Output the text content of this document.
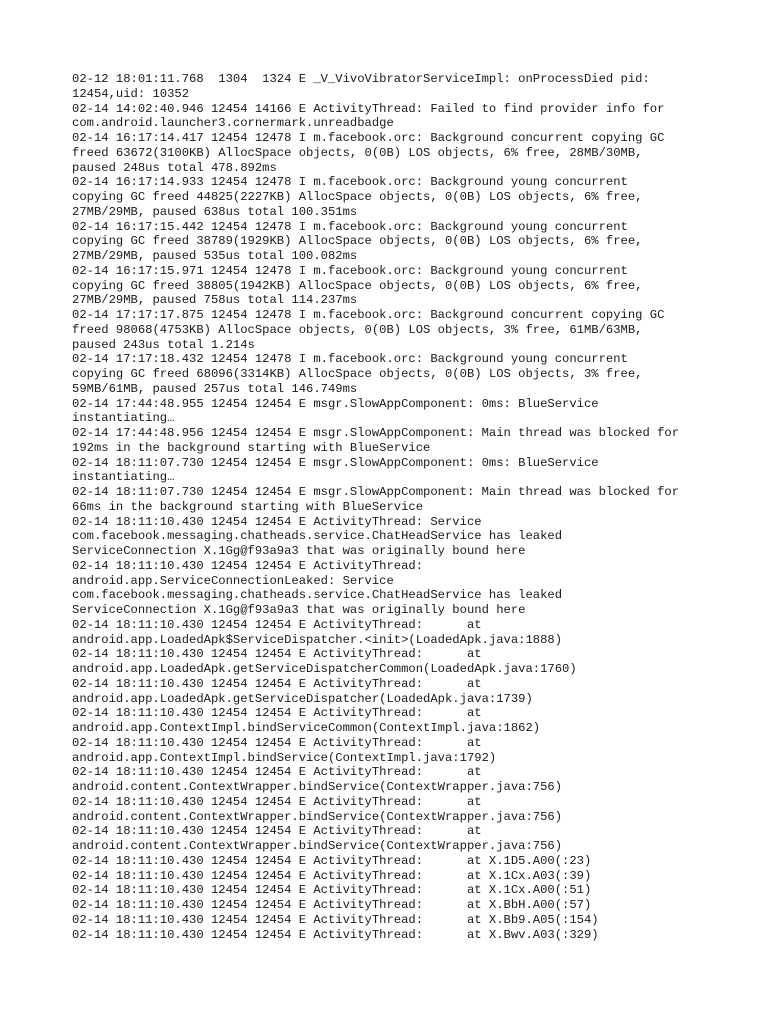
02-12 18:01:11.768  1304  1324 E _V_VivoVibratorServiceImpl: onProcessDied pid:
12454,uid: 10352
02-14 14:02:40.946 12454 14166 E ActivityThread: Failed to find provider info for
com.android.launcher3.cornermark.unreadbadge
02-14 16:17:14.417 12454 12478 I m.facebook.orc: Background concurrent copying GC
freed 63672(3100KB) AllocSpace objects, 0(0B) LOS objects, 6% free, 28MB/30MB,
paused 248us total 478.892ms
02-14 16:17:14.933 12454 12478 I m.facebook.orc: Background young concurrent
copying GC freed 44825(2227KB) AllocSpace objects, 0(0B) LOS objects, 6% free,
27MB/29MB, paused 638us total 100.351ms
02-14 16:17:15.442 12454 12478 I m.facebook.orc: Background young concurrent
copying GC freed 38789(1929KB) AllocSpace objects, 0(0B) LOS objects, 6% free,
27MB/29MB, paused 535us total 100.082ms
02-14 16:17:15.971 12454 12478 I m.facebook.orc: Background young concurrent
copying GC freed 38805(1942KB) AllocSpace objects, 0(0B) LOS objects, 6% free,
27MB/29MB, paused 758us total 114.237ms
02-14 17:17:17.875 12454 12478 I m.facebook.orc: Background concurrent copying GC
freed 98068(4753KB) AllocSpace objects, 0(0B) LOS objects, 3% free, 61MB/63MB,
paused 243us total 1.214s
02-14 17:17:18.432 12454 12478 I m.facebook.orc: Background young concurrent
copying GC freed 68096(3314KB) AllocSpace objects, 0(0B) LOS objects, 3% free,
59MB/61MB, paused 257us total 146.749ms
02-14 17:44:48.955 12454 12454 E msgr.SlowAppComponent: 0ms: BlueService
instantiating…
02-14 17:44:48.956 12454 12454 E msgr.SlowAppComponent: Main thread was blocked for
192ms in the background starting with BlueService
02-14 18:11:07.730 12454 12454 E msgr.SlowAppComponent: 0ms: BlueService
instantiating…
02-14 18:11:07.730 12454 12454 E msgr.SlowAppComponent: Main thread was blocked for
66ms in the background starting with BlueService
02-14 18:11:10.430 12454 12454 E ActivityThread: Service
com.facebook.messaging.chatheads.service.ChatHeadService has leaked
ServiceConnection X.1Gg@f93a9a3 that was originally bound here
02-14 18:11:10.430 12454 12454 E ActivityThread:
android.app.ServiceConnectionLeaked: Service
com.facebook.messaging.chatheads.service.ChatHeadService has leaked
ServiceConnection X.1Gg@f93a9a3 that was originally bound here
02-14 18:11:10.430 12454 12454 E ActivityThread:      at
android.app.LoadedApk$ServiceDispatcher.<init>(LoadedApk.java:1888)
02-14 18:11:10.430 12454 12454 E ActivityThread:      at
android.app.LoadedApk.getServiceDispatcherCommon(LoadedApk.java:1760)
02-14 18:11:10.430 12454 12454 E ActivityThread:      at
android.app.LoadedApk.getServiceDispatcher(LoadedApk.java:1739)
02-14 18:11:10.430 12454 12454 E ActivityThread:      at
android.app.ContextImpl.bindServiceCommon(ContextImpl.java:1862)
02-14 18:11:10.430 12454 12454 E ActivityThread:      at
android.app.ContextImpl.bindService(ContextImpl.java:1792)
02-14 18:11:10.430 12454 12454 E ActivityThread:      at
android.content.ContextWrapper.bindService(ContextWrapper.java:756)
02-14 18:11:10.430 12454 12454 E ActivityThread:      at
android.content.ContextWrapper.bindService(ContextWrapper.java:756)
02-14 18:11:10.430 12454 12454 E ActivityThread:      at
android.content.ContextWrapper.bindService(ContextWrapper.java:756)
02-14 18:11:10.430 12454 12454 E ActivityThread:      at X.1D5.A00(:23)
02-14 18:11:10.430 12454 12454 E ActivityThread:      at X.1Cx.A03(:39)
02-14 18:11:10.430 12454 12454 E ActivityThread:      at X.1Cx.A00(:51)
02-14 18:11:10.430 12454 12454 E ActivityThread:      at X.BbH.A00(:57)
02-14 18:11:10.430 12454 12454 E ActivityThread:      at X.Bb9.A05(:154)
02-14 18:11:10.430 12454 12454 E ActivityThread:      at X.Bwv.A03(:329)
